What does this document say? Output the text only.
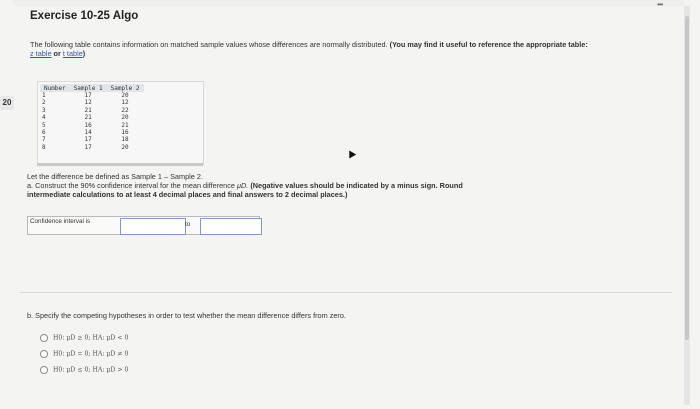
•••
20
Exercise 10-25 Algo
The following table contains information on matched sample values whose differences are normally distributed. (You may find it useful to reference the appropriate table: z table or t table)
Number	Sample 1	Sample 2
1	17	20
2	12	12
3	21	22
4	21	20
5	16	21
6	14	16
7	17	18
8	17	20
Let the difference be defined as Sample 1 – Sample 2.
a. Construct the 90% confidence interval for the mean difference μD. (Negative values should be indicated by a minus sign. Round
intermediate calculations to at least 4 decimal places and final answers to 2 decimal places.)
Confidence interval is	to
b. Specify the competing hypotheses in order to test whether the mean difference differs from zero.
H0: μD ≥ 0; HA: μD < 0
H0: μD = 0; HA: μD ≠ 0
H0: μD ≤ 0; HA: μD > 0
